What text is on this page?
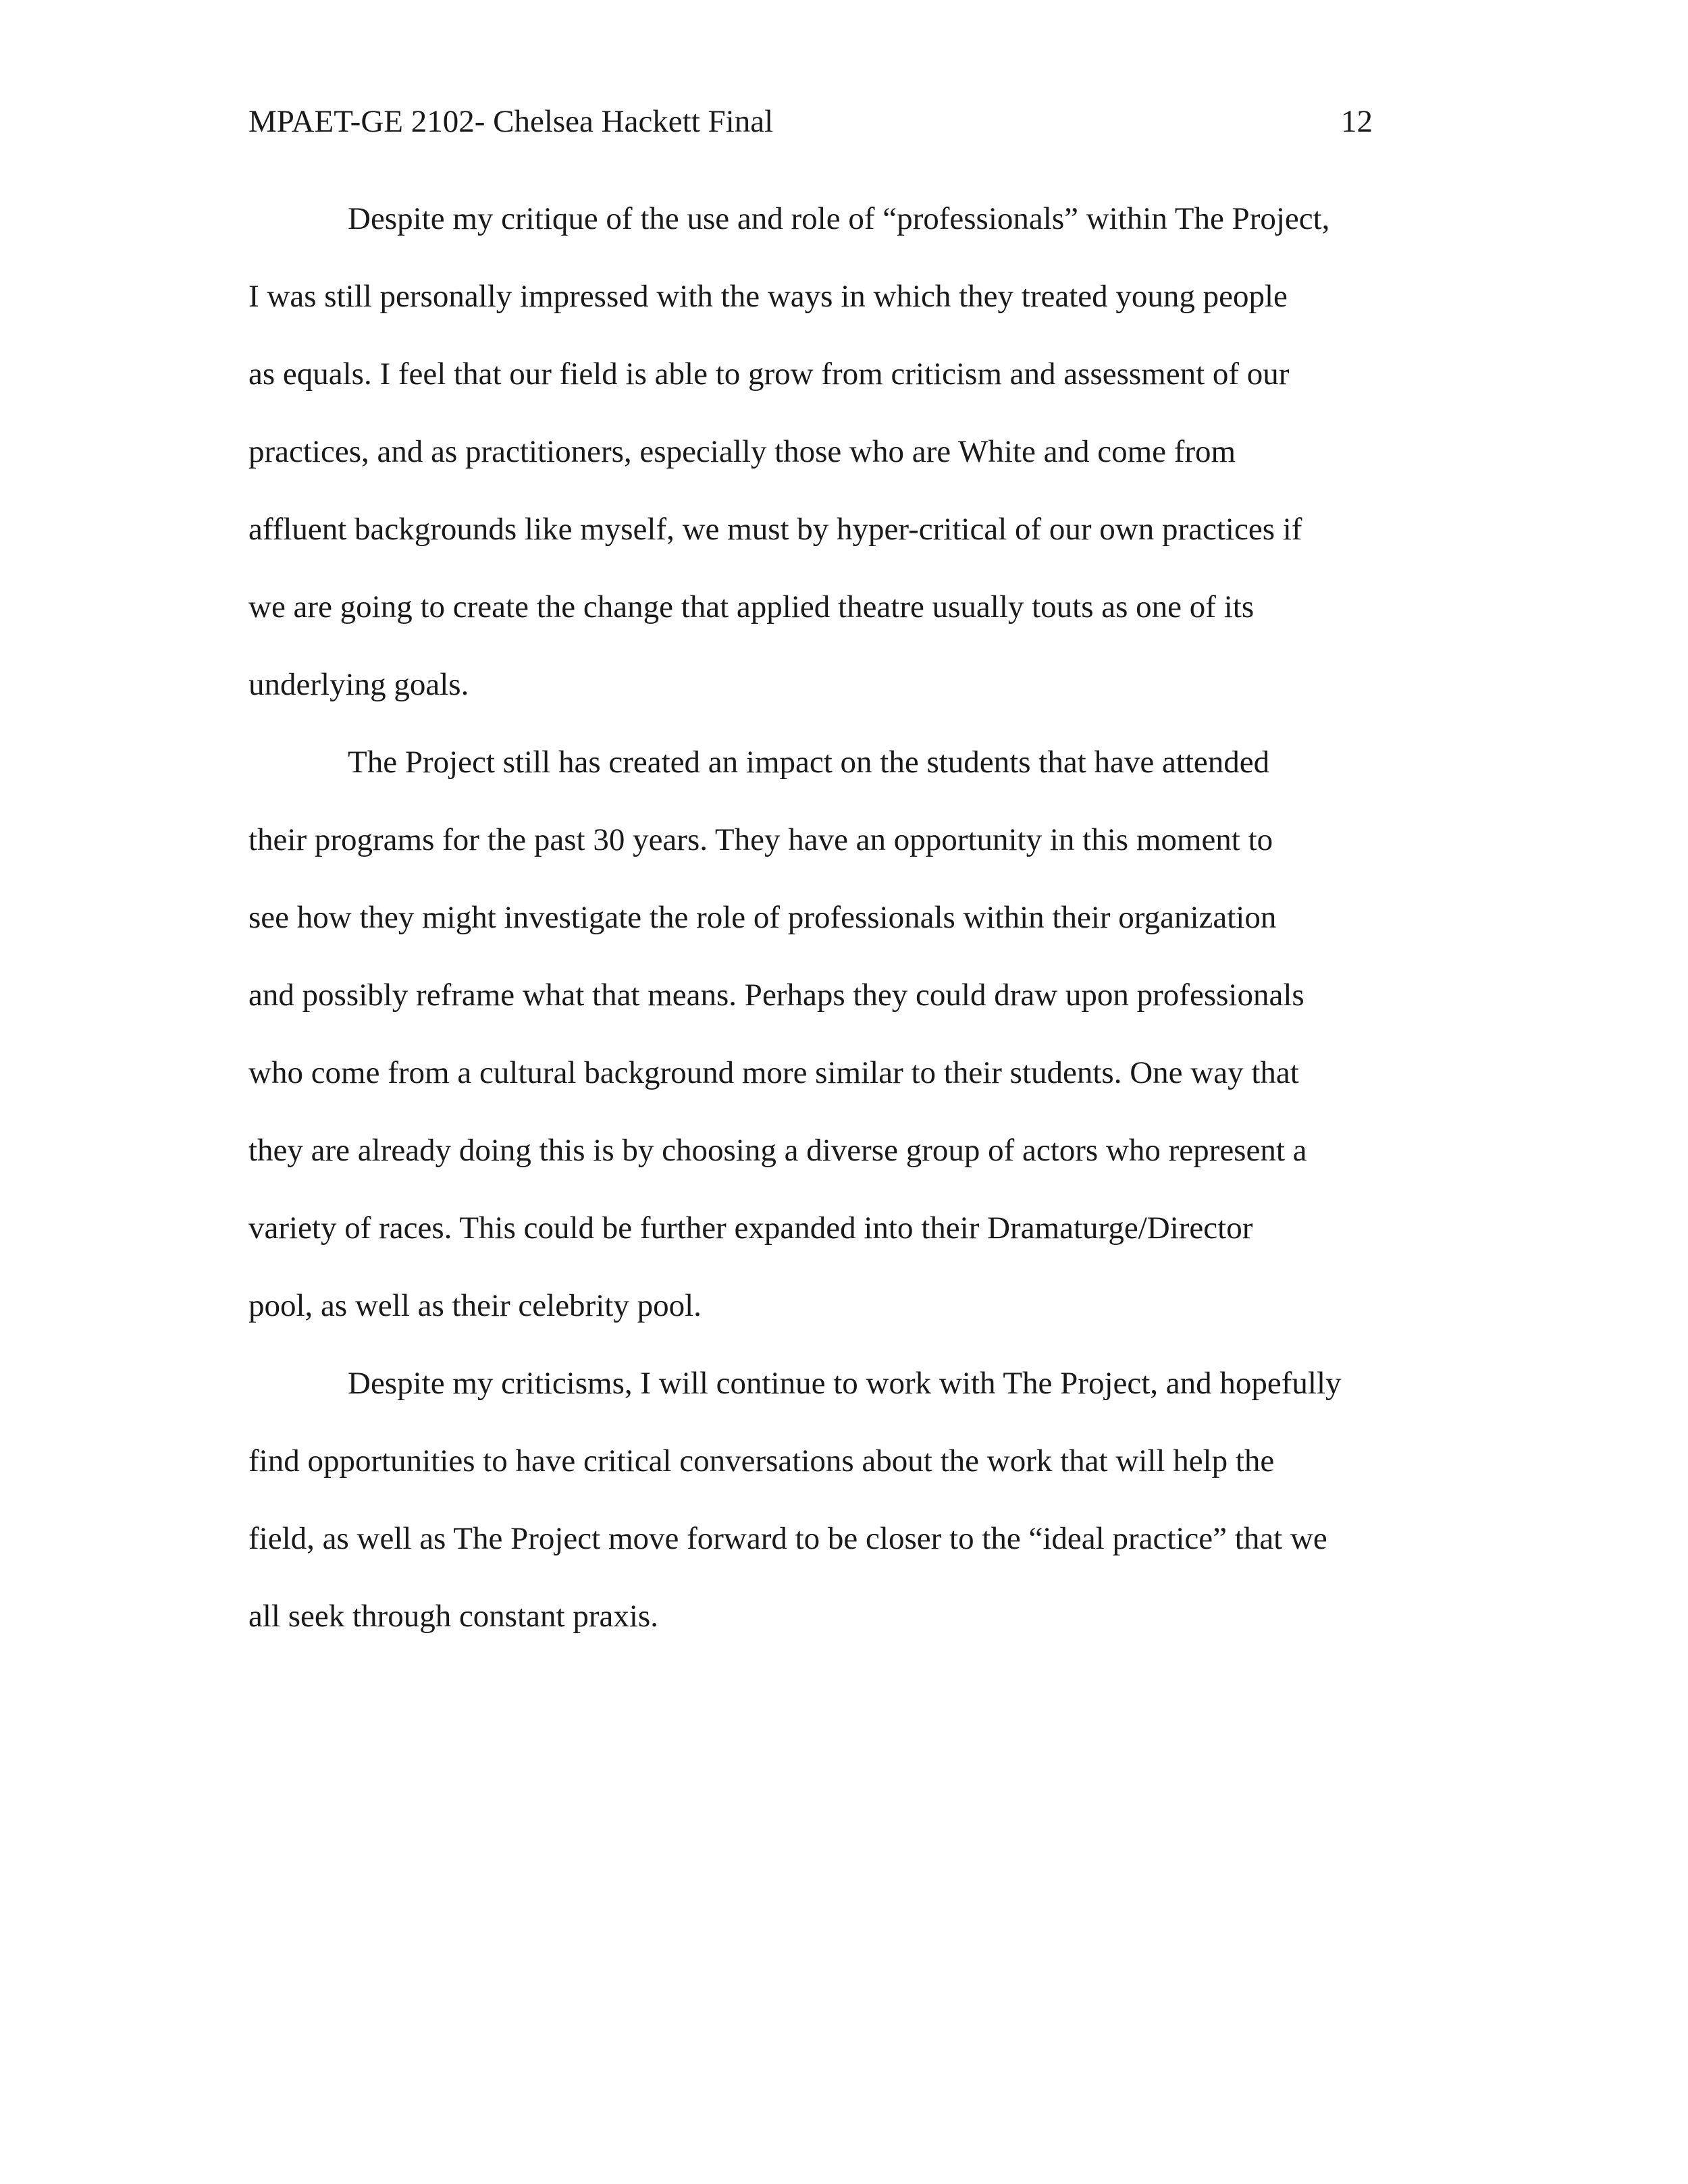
MPAET-GE 2102- Chelsea Hackett Final	12
Despite my critique of the use and role of “professionals” within The Project,
I was still personally impressed with the ways in which they treated young people
as equals. I feel that our field is able to grow from criticism and assessment of our
practices, and as practitioners, especially those who are White and come from
affluent backgrounds like myself, we must by hyper-critical of our own practices if
we are going to create the change that applied theatre usually touts as one of its
underlying goals.
The Project still has created an impact on the students that have attended
their programs for the past 30 years. They have an opportunity in this moment to
see how they might investigate the role of professionals within their organization
and possibly reframe what that means. Perhaps they could draw upon professionals
who come from a cultural background more similar to their students. One way that
they are already doing this is by choosing a diverse group of actors who represent a
variety of races. This could be further expanded into their Dramaturge/Director
pool, as well as their celebrity pool.
Despite my criticisms, I will continue to work with The Project, and hopefully
find opportunities to have critical conversations about the work that will help the
field, as well as The Project move forward to be closer to the “ideal practice” that we
all seek through constant praxis.
